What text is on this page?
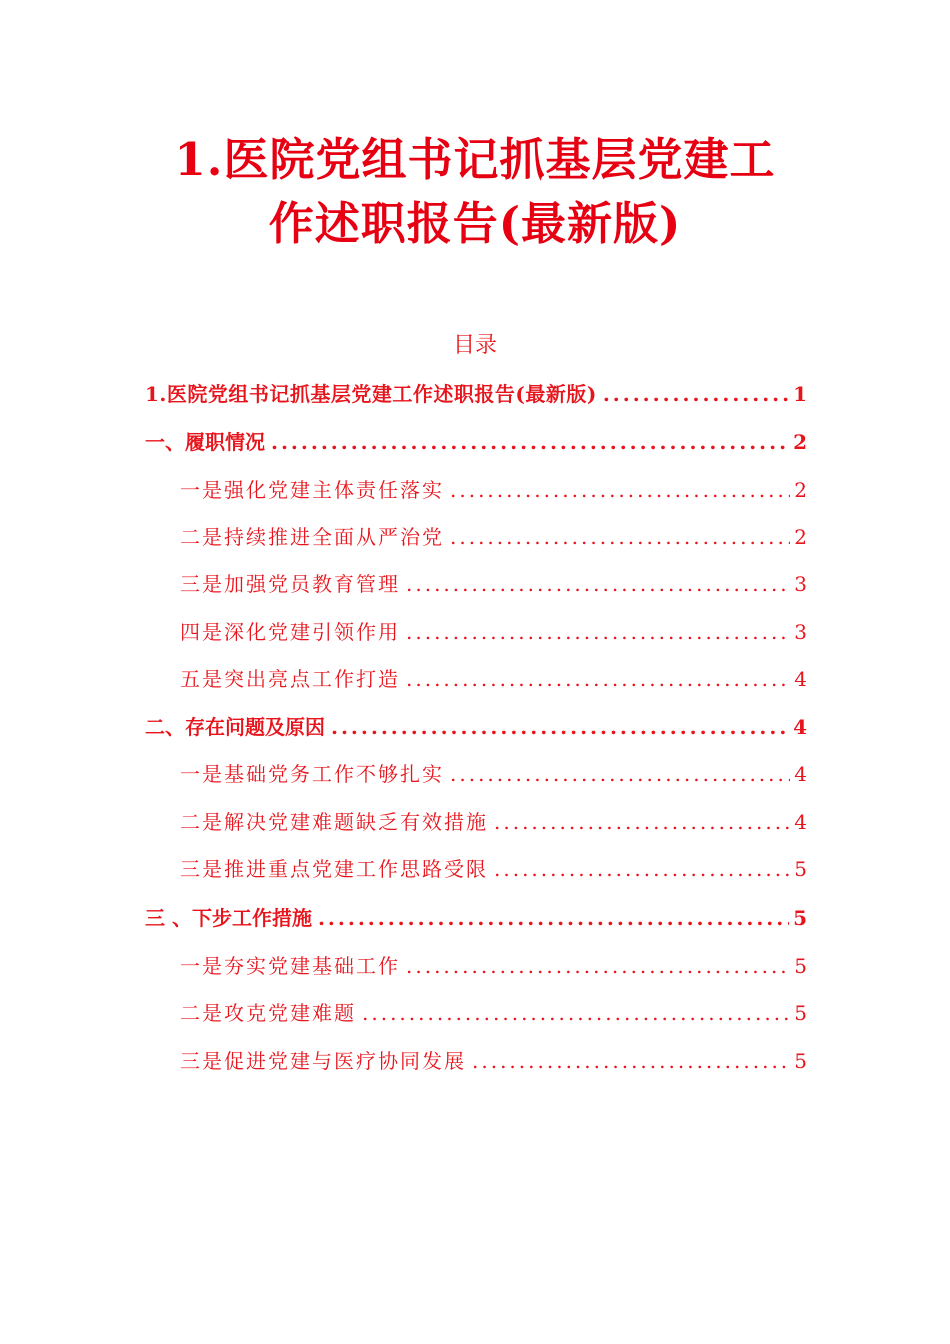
1.医院党组书记抓基层党建工
作述职报告(最新版)
目录
1.医院党组书记抓基层党建工作述职报告(最新版) .....	1
一、履职情况 .....	2
一是强化党建主体责任落实 .....	2
二是持续推进全面从严治党 .....	2
三是加强党员教育管理 .....	3
四是深化党建引领作用 .....	3
五是突出亮点工作打造 .....	4
二、存在问题及原因 .....	4
一是基础党务工作不够扎实 .....	4
二是解决党建难题缺乏有效措施 .....	4
三是推进重点党建工作思路受限 .....	5
三 、下步工作措施 .....	5
一是夯实党建基础工作 .....	5
二是攻克党建难题 .....	5
三是促进党建与医疗协同发展 .....	5
